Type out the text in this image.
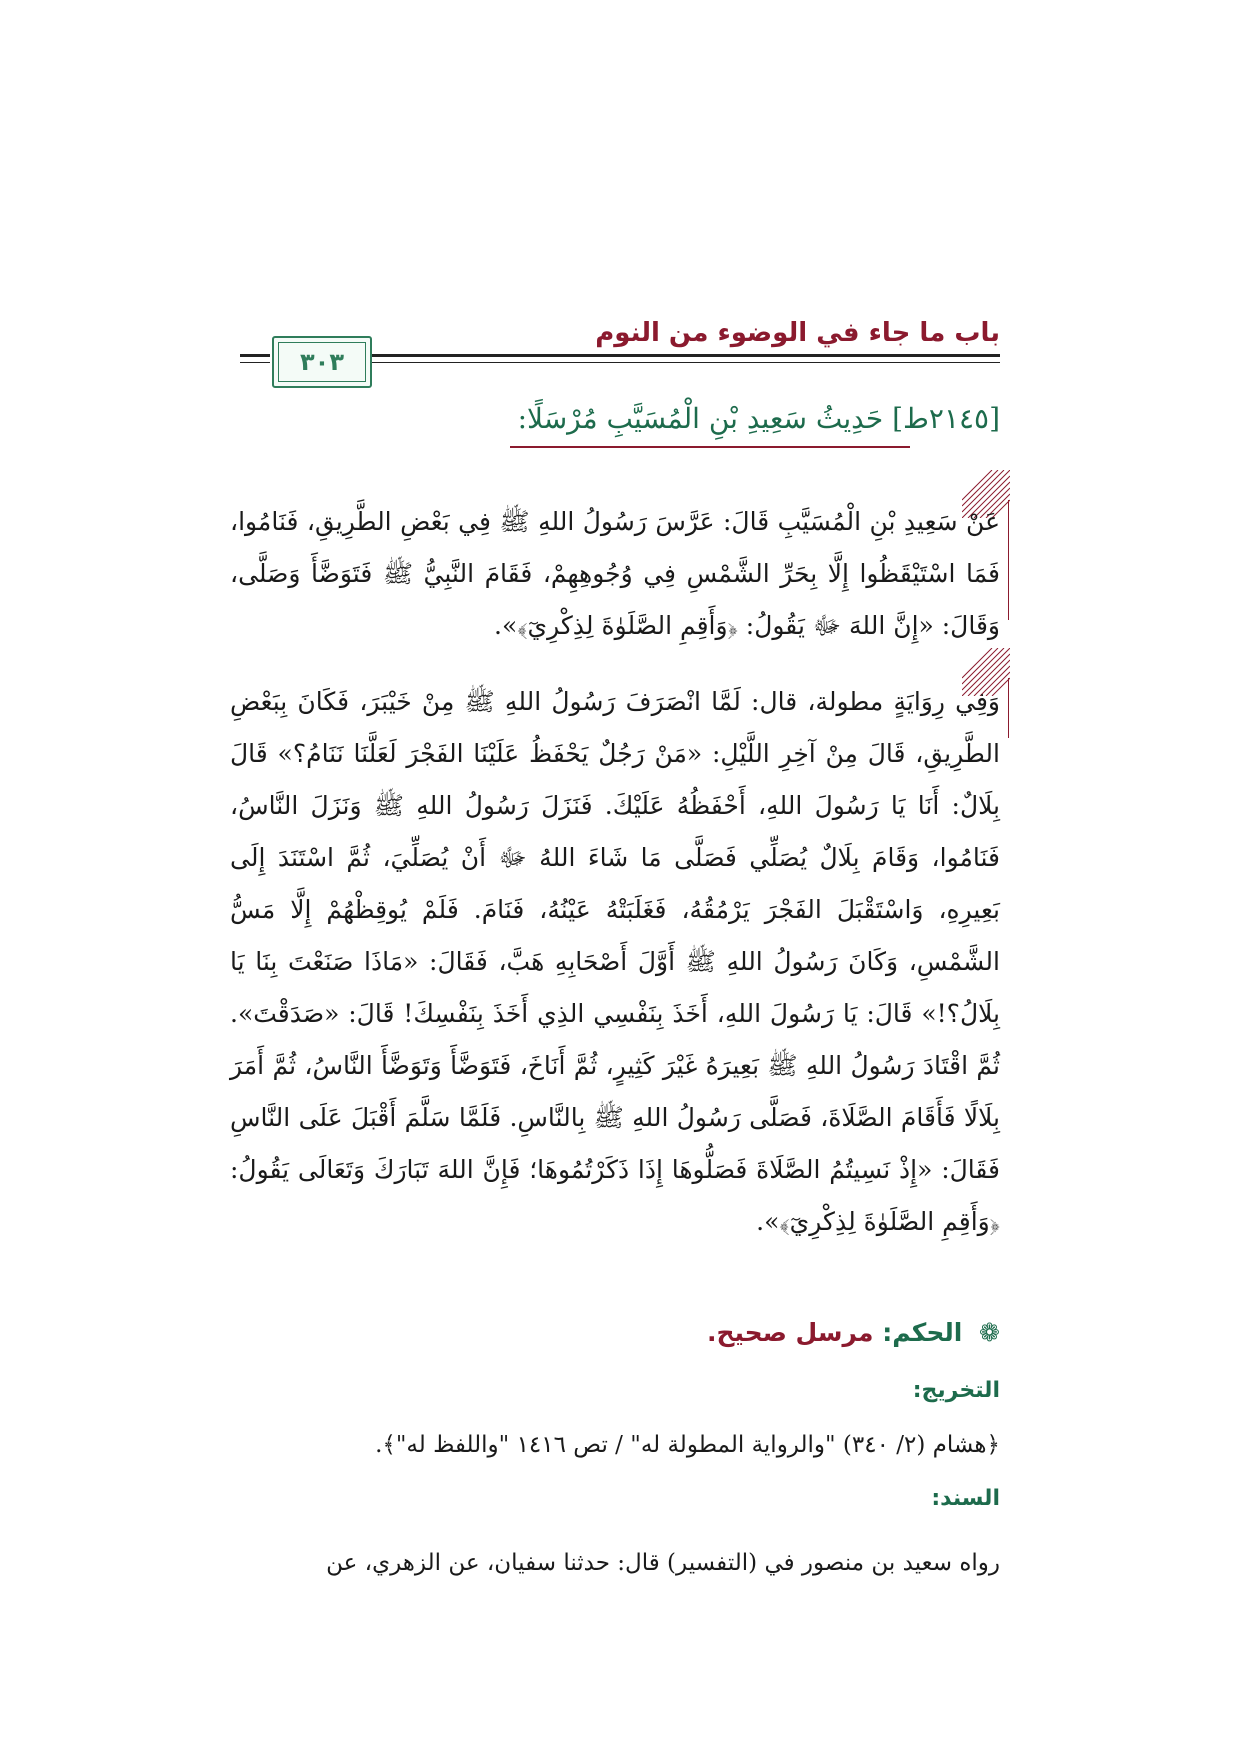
باب ما جاء في الوضوء من النوم
٣٠٣
[٢١٤٥ط] حَدِيثُ سَعِيدِ بْنِ الْمُسَيَّبِ مُرْسَلًا:
عَنْ سَعِيدِ بْنِ الْمُسَيَّبِ قَالَ: عَرَّسَ رَسُولُ اللهِ ﷺ فِي بَعْضِ الطَّرِيقِ، فَنَامُوا، فَمَا اسْتَيْقَظُوا إِلَّا بِحَرِّ الشَّمْسِ فِي وُجُوهِهِمْ، فَقَامَ النَّبِيُّ ﷺ فَتَوَضَّأَ وَصَلَّى، وَقَالَ: «إِنَّ اللهَ ﷻ يَقُولُ: ﴿وَأَقِمِ الصَّلَوٰةَ لِذِكْرِيٓ﴾».
وَفِي رِوَايَةٍ مطولة، قال: لَمَّا انْصَرَفَ رَسُولُ اللهِ ﷺ مِنْ خَيْبَرَ، فَكَانَ بِبَعْضِ الطَّرِيقِ، قَالَ مِنْ آخِرِ اللَّيْلِ: «مَنْ رَجُلٌ يَحْفَظُ عَلَيْنَا الفَجْرَ لَعَلَّنَا نَنَامُ؟» قَالَ بِلَالٌ: أَنَا يَا رَسُولَ اللهِ، أَحْفَظُهُ عَلَيْكَ. فَنَزَلَ رَسُولُ اللهِ ﷺ وَنَزَلَ النَّاسُ، فَنَامُوا، وَقَامَ بِلَالٌ يُصَلِّي فَصَلَّى مَا شَاءَ اللهُ ﷻ أَنْ يُصَلِّيَ، ثُمَّ اسْتَنَدَ إِلَى بَعِيرِهِ، وَاسْتَقْبَلَ الفَجْرَ يَرْمُقُهُ، فَغَلَبَتْهُ عَيْنُهُ، فَنَامَ. فَلَمْ يُوقِظْهُمْ إِلَّا مَسُّ الشَّمْسِ، وَكَانَ رَسُولُ اللهِ ﷺ أَوَّلَ أَصْحَابِهِ هَبَّ، فَقَالَ: «مَاذَا صَنَعْتَ بِنَا يَا بِلَالُ؟!» قَالَ: يَا رَسُولَ اللهِ، أَخَذَ بِنَفْسِي الذِي أَخَذَ بِنَفْسِكَ! قَالَ: «صَدَقْتَ». ثُمَّ اقْتَادَ رَسُولُ اللهِ ﷺ بَعِيرَهُ غَيْرَ كَثِيرٍ، ثُمَّ أَنَاخَ، فَتَوَضَّأَ وَتَوَضَّأَ النَّاسُ، ثُمَّ أَمَرَ بِلَالًا فَأَقَامَ الصَّلَاةَ، فَصَلَّى رَسُولُ اللهِ ﷺ بِالنَّاسِ. فَلَمَّا سَلَّمَ أَقْبَلَ عَلَى النَّاسِ فَقَالَ: «إِذْ نَسِيتُمُ الصَّلَاةَ فَصَلُّوهَا إِذَا ذَكَرْتُمُوهَا؛ فَإِنَّ اللهَ تَبَارَكَ وَتَعَالَى يَقُولُ: ﴿وَأَقِمِ الصَّلَوٰةَ لِذِكْرِيٓ﴾».
❁ الحكم: مرسل صحيح.
التخريج:
﴿هشام (٢/ ٣٤٠) "والرواية المطولة له" / تص ١٤١٦ "واللفظ له"﴾.
السند:
رواه سعيد بن منصور في (التفسير) قال: حدثنا سفيان، عن الزهري، عن
